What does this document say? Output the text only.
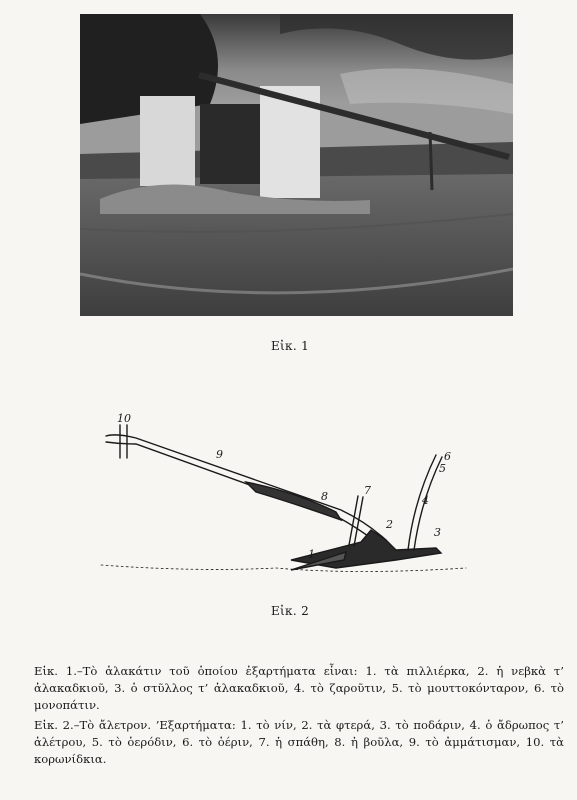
Εἰκ. 1
1
2
3
4
5
6
7
8
9
10
Εἰκ. 2

Εἰκ. 1.–Τὸ ἁλακάτιν τοῦ ὁποίου ἐξαρτήματα εἶναι: 1. τὰ πιλλιέρκα, 2. ἡ νεβκὰ τ’ ἁλακαδκιοῦ, 3. ὁ στῦλλος τ’ ἁλακαδκιοῦ, 4. τὸ ζαροῦτιν, 5. τὸ μουττοκόνταρον, 6. τὸ μονοπάτιν.

Εἰκ. 2.–Τὸ ἄλετρον. ’Εξαρτήματα: 1. τὸ νίν, 2. τὰ φτερά, 3. τὸ ποδάριν, 4. ὁ ἄδρωπος τ’ ἀλέτρου, 5. τὸ ὁερόδιν, 6. τὸ ὁέριν, 7. ἡ σπάθη, 8. ἡ βοῦλα, 9. τὸ ἀμμάτισμαν, 10. τὰ κορωνίδκια.
